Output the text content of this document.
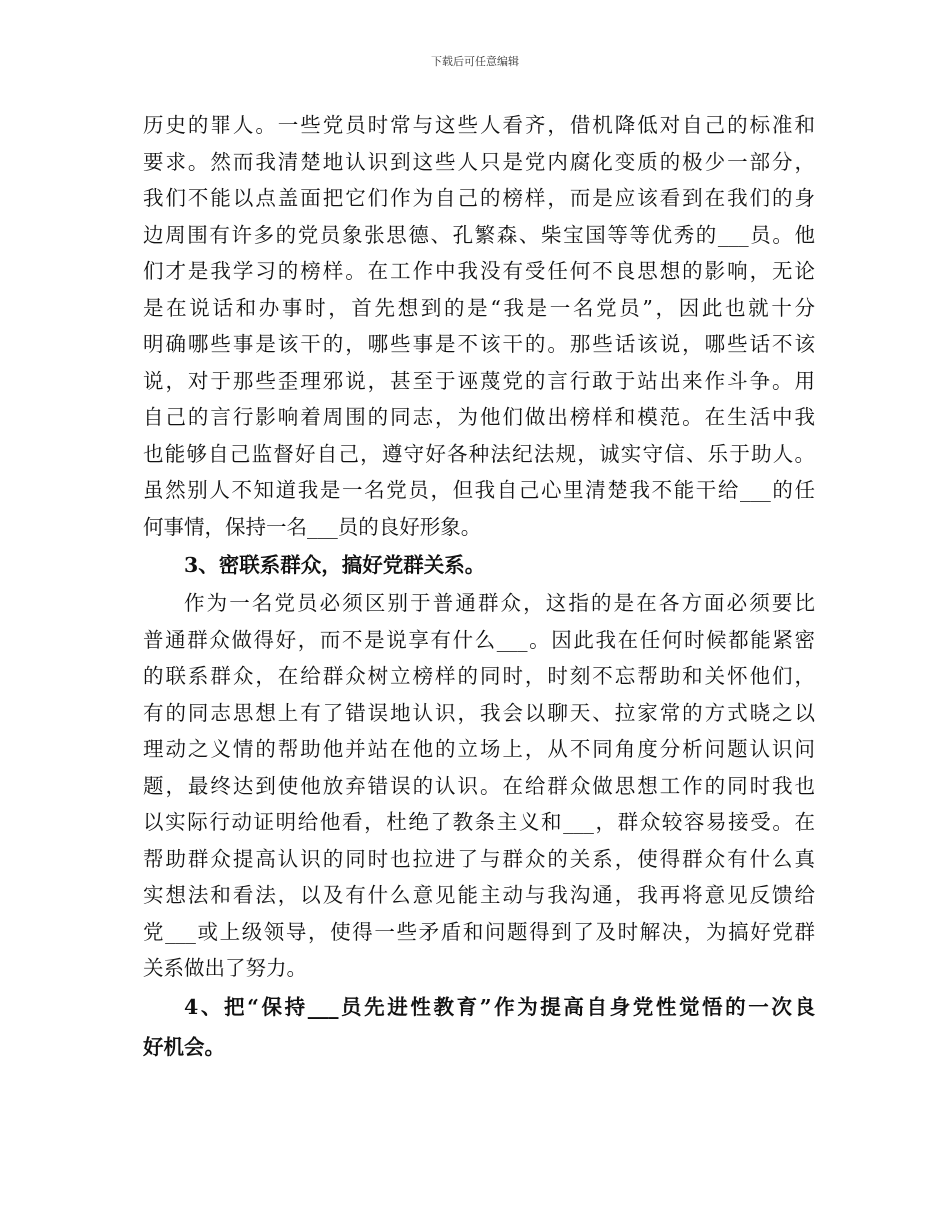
下载后可任意编辑
历史的罪人。一些党员时常与这些人看齐，借机降低对自己的标准和
要求。然而我清楚地认识到这些人只是党内腐化变质的极少一部分，
我们不能以点盖面把它们作为自己的榜样，而是应该看到在我们的身
边周围有许多的党员象张思德、孔繁森、柴宝国等等优秀的___员。他
们才是我学习的榜样。在工作中我没有受任何不良思想的影响，无论
是在说话和办事时，首先想到的是“我是一名党员”，因此也就十分
明确哪些事是该干的，哪些事是不该干的。那些话该说，哪些话不该
说，对于那些歪理邪说，甚至于诬蔑党的言行敢于站出来作斗争。用
自己的言行影响着周围的同志，为他们做出榜样和模范。在生活中我
也能够自己监督好自己，遵守好各种法纪法规，诚实守信、乐于助人。
虽然别人不知道我是一名党员，但我自己心里清楚我不能干给___的任
何事情，保持一名___员的良好形象。
3、密联系群众，搞好党群关系。
作为一名党员必须区别于普通群众，这指的是在各方面必须要比
普通群众做得好，而不是说享有什么___。因此我在任何时候都能紧密
的联系群众，在给群众树立榜样的同时，时刻不忘帮助和关怀他们，
有的同志思想上有了错误地认识，我会以聊天、拉家常的方式晓之以
理动之义情的帮助他并站在他的立场上，从不同角度分析问题认识问
题，最终达到使他放弃错误的认识。在给群众做思想工作的同时我也
以实际行动证明给他看，杜绝了教条主义和___，群众较容易接受。在
帮助群众提高认识的同时也拉进了与群众的关系，使得群众有什么真
实想法和看法，以及有什么意见能主动与我沟通，我再将意见反馈给
党___或上级领导，使得一些矛盾和问题得到了及时解决，为搞好党群
关系做出了努力。
4、把“保持___员先进性教育”作为提高自身党性觉悟的一次良
好机会。
